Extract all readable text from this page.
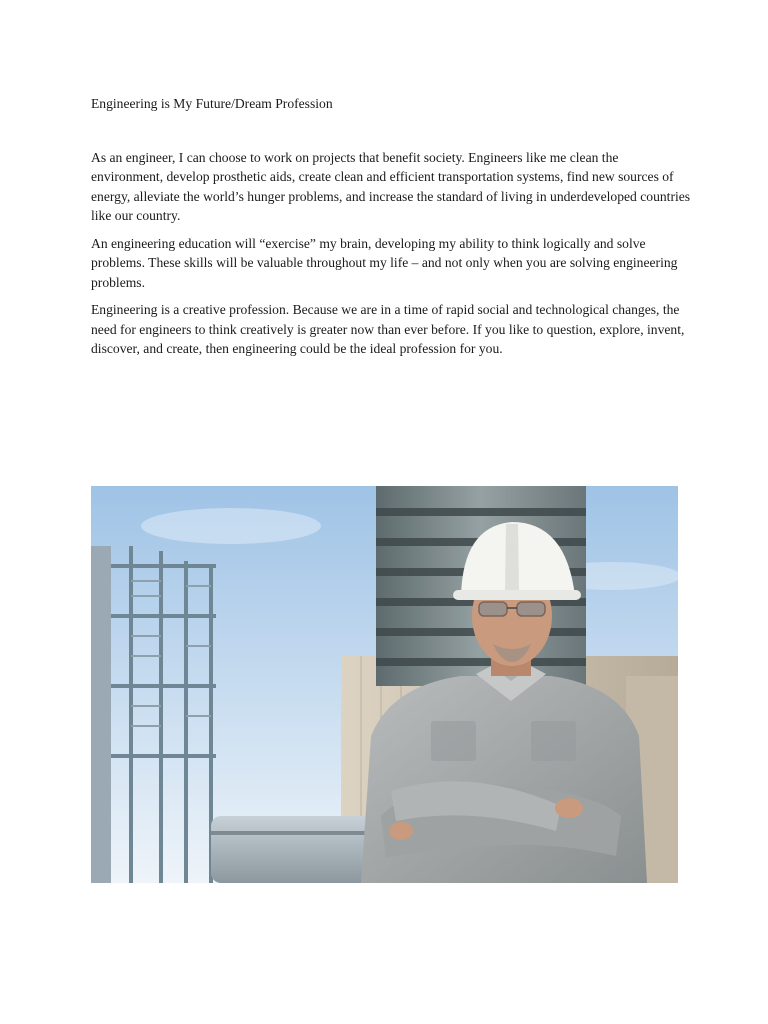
Engineering is My Future/Dream Profession

As an engineer, I can choose to work on projects that benefit society. Engineers like me clean the environment, develop prosthetic aids, create clean and efficient transportation systems, find new sources of energy, alleviate the world’s hunger problems, and increase the standard of living in underdeveloped countries like our country.

An engineering education will “exercise” my brain, developing my ability to think logically and solve problems. These skills will be valuable throughout my life – and not only when you are solving engineering problems.

Engineering is a creative profession. Because we are in a time of rapid social and technological changes, the need for engineers to think creatively is greater now than ever before. If you like to question, explore, invent, discover, and create, then engineering could be the ideal profession for you.
